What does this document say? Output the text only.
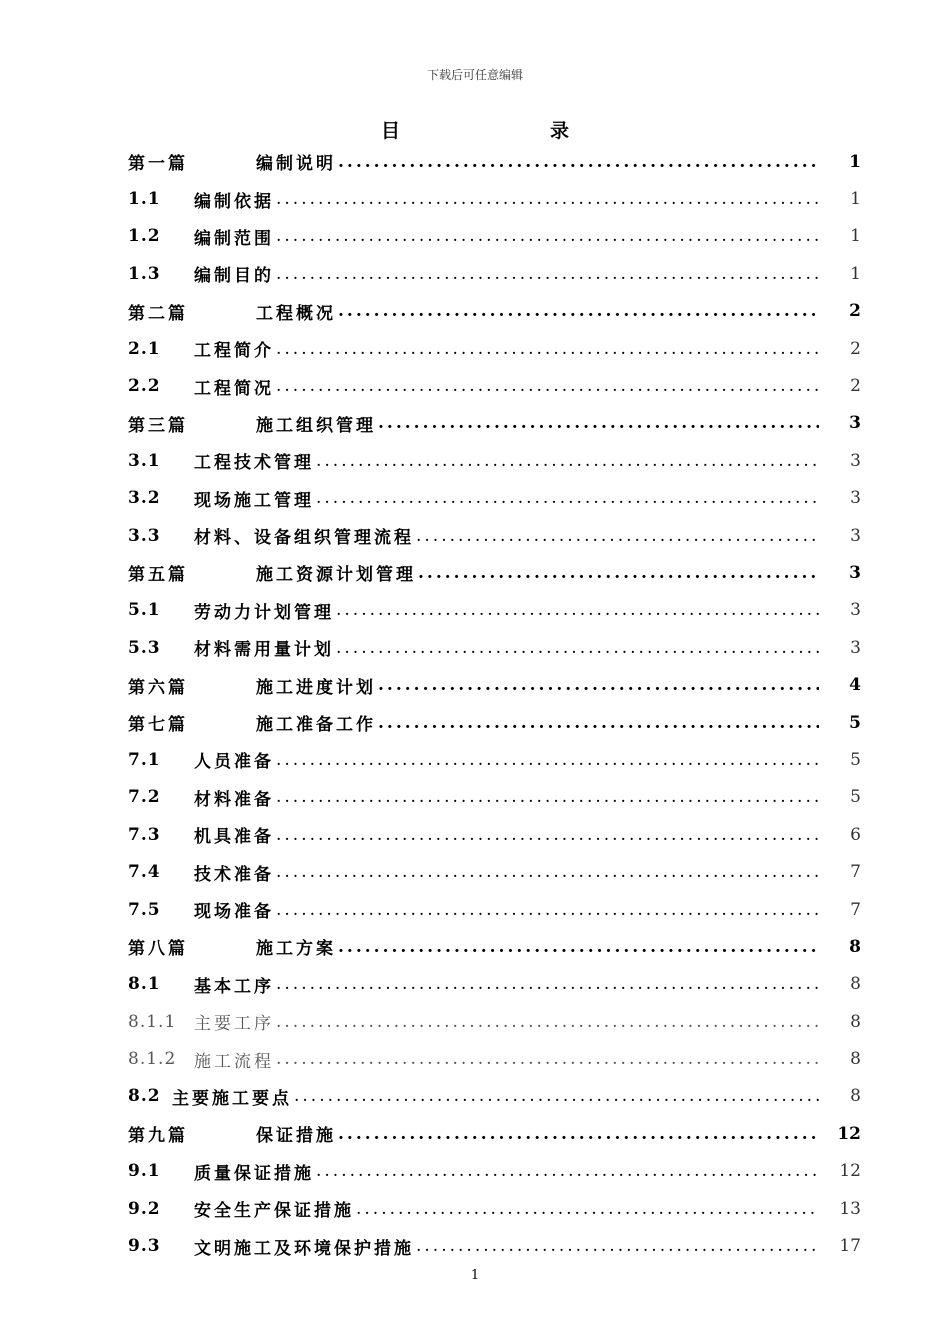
下载后可任意编辑
目	录
第一篇	编制说明 .....	1
1.1	编制依据 .....	1
1.2	编制范围 .....	1
1.3	编制目的 .....	1
第二篇	工程概况 .....	2
2.1	工程简介 .....	2
2.2	工程简况 .....	2
第三篇	施工组织管理 .....	3
3.1	工程技术管理 .....	3
3.2	现场施工管理 .....	3
3.3	材料、设备组织管理流程 .....	3
第五篇	施工资源计划管理 .....	3
5.1	劳动力计划管理 .....	3
5.3	材料需用量计划 .....	3
第六篇	施工进度计划 .....	4
第七篇	施工准备工作 .....	5
7.1	人员准备 .....	5
7.2	材料准备 .....	5
7.3	机具准备 .....	6
7.4	技术准备 .....	7
7.5	现场准备 .....	7
第八篇	施工方案 .....	8
8.1	基本工序 .....	8
8.1.1	主要工序 .....	8
8.1.2	施工流程 .....	8
8.2 主要施工要点 .....	8
第九篇	保证措施 .....	12
9.1	质量保证措施 .....	12
9.2	安全生产保证措施 .....	13
9.3	文明施工及环境保护措施 .....	17
1
